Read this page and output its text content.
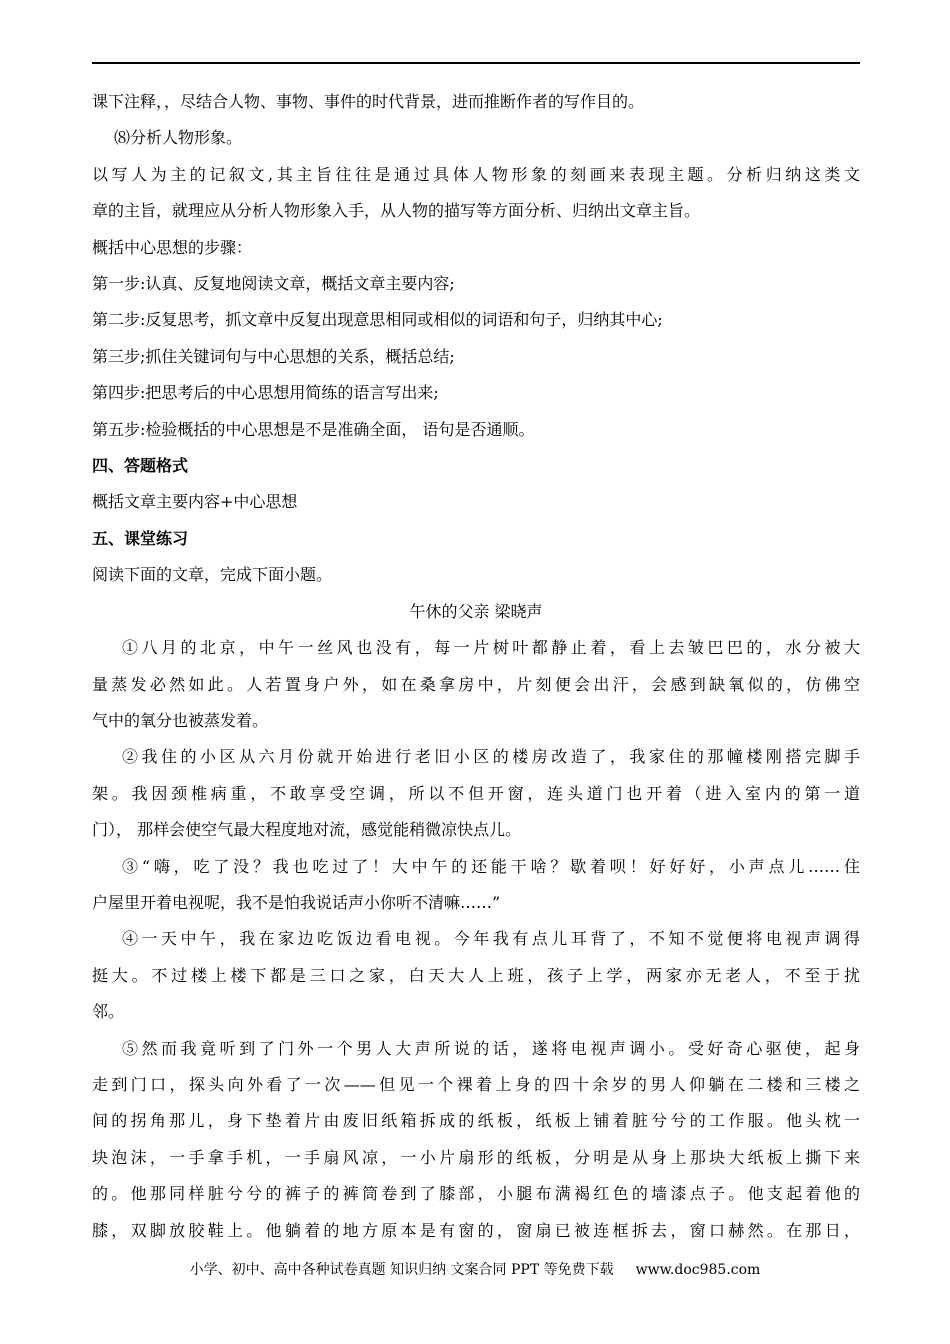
课下注释，，尽结合人物、事物、事件的时代背景，进而推断作者的写作目的。
⑻分析人物形象。
以写人为主的记叙文,其主旨往往是通过具体人物形象的刻画来表现主题。分析归纳这类文
章的主旨，就理应从分析人物形象入手，从人物的描写等方面分析、归纳出文章主旨。
概括中心思想的步骤：
第一步:认真、反复地阅读文章，概括文章主要内容;
第二步:反复思考，抓文章中反复出现意思相同或相似的词语和句子，归纳其中心;
第三步;抓住关键词句与中心思想的关系，概括总结;
第四步:把思考后的中心思想用简练的语言写出来;
第五步:检验概括的中心思想是不是准确全面， 语句是否通顺。
四、答题格式
概括文章主要内容+中心思想
五、课堂练习
阅读下面的文章，完成下面小题。
午休的父亲 梁晓声
①八月的北京，中午一丝风也没有，每一片树叶都静止着，看上去皱巴巴的，水分被大
量蒸发必然如此。人若置身户外，如在桑拿房中，片刻便会出汗，会感到缺氧似的，仿佛空
气中的氧分也被蒸发着。
②我住的小区从六月份就开始进行老旧小区的楼房改造了，我家住的那幢楼刚搭完脚手
架。我因颈椎病重，不敢享受空调，所以不但开窗，连头道门也开着（进入室内的第一道
门）， 那样会使空气最大程度地对流，感觉能稍微凉快点儿。
③“嗨，吃了没？我也吃过了！大中午的还能干啥？歇着呗！好好好，小声点儿……住
户屋里开着电视呢，我不是怕我说话声小你听不清嘛……”
④一天中午，我在家边吃饭边看电视。今年我有点儿耳背了，不知不觉便将电视声调得
挺大。不过楼上楼下都是三口之家，白天大人上班，孩子上学，两家亦无老人，不至于扰
邻。
⑤然而我竟听到了门外一个男人大声所说的话，遂将电视声调小。受好奇心驱使，起身
走到门口，探头向外看了一次——但见一个裸着上身的四十余岁的男人仰躺在二楼和三楼之
间的拐角那儿，身下垫着片由废旧纸箱拆成的纸板，纸板上铺着脏兮兮的工作服。他头枕一
块泡沫，一手拿手机，一手扇风凉，一小片扇形的纸板，分明是从身上那块大纸板上撕下来
的。他那同样脏兮兮的裤子的裤筒卷到了膝部，小腿布满褐红色的墙漆点子。他支起着他的
膝，双脚放胶鞋上。他躺着的地方原本是有窗的，窗扇已被连框拆去，窗口赫然。在那日，
小学、初中、高中各种试卷真题 知识归纳 文案合同 PPT 等免费下载 www.doc985.com
